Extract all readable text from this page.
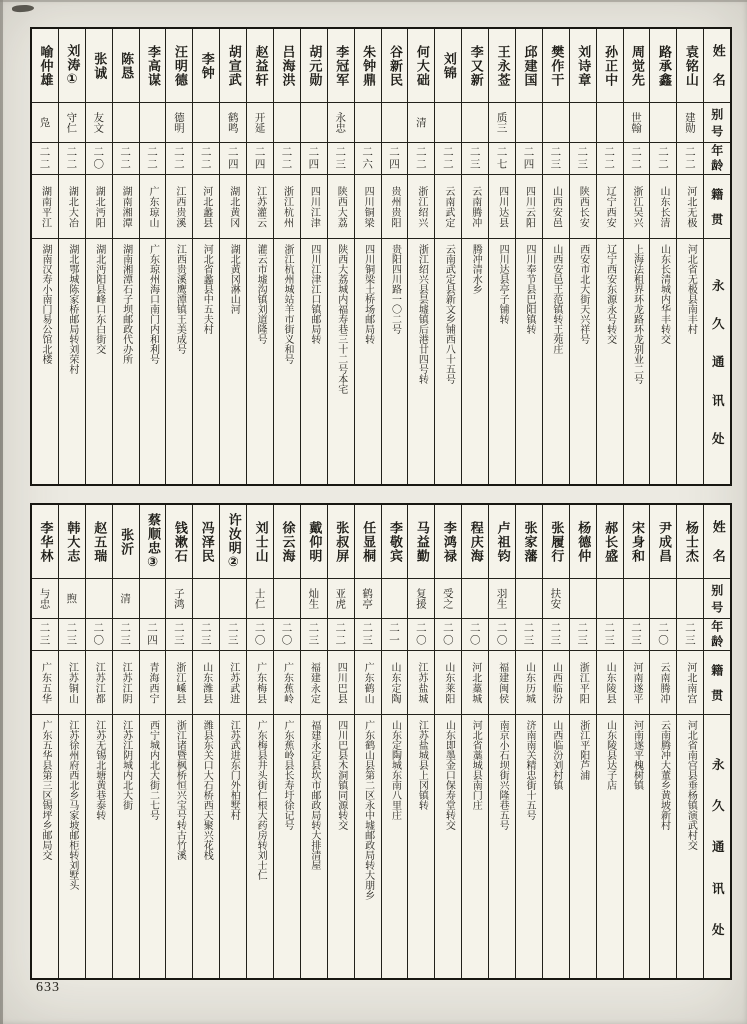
喻仲雄
凫
二二
湖南平江
湖南汉寿小南门易公馆北楼
刘涛①
守仁
二二
湖北大冶
湖北鄂城陈家桥邮局转刘荣村
张诚
友文
二〇
湖北沔阳
湖北沔阳县峰口东白街交
陈恳
二二
湖南湘潭
湖南湘潭石子坝邮政代办所
李高谋
二二
广东琼山
广东琼州海口南门内和利号
汪明德
德明
二二
江西贵溪
江西贵溪鹰潭镇王美成号
李钟
二二
河北蠡县
河北省蠡县中五夫村
胡宣武
鹤鸣
二四
湖北黄冈
湖北黄冈淋山河
赵益轩
开延
二四
江苏灌云
灌云市墟沟镇刘道隆号
吕海洪
二二
浙江杭州
浙江杭州城站羊市街义和号
胡元勋
二四
四川江津
四川江津江口镇邮局转
李冠军
永忠
二三
陕西大荔
陕西大荔城内福寿巷三十二号本宅
朱钟鼎
二六
四川铜梁
四川铜梁土桥场邮局转
谷新民
二四
贵州贵阳
贵阳四川路一〇二号
何大础
清
二二
浙江绍兴
浙江绍兴县昙墟镇后港廿四号转
刘锦
二二
云南武定
云南武定县新文乡铺西八十五号
李又新
二三
云南腾冲
腾冲清水乡
王永莶
质三
二七
四川达县
四川达县亭子铺转
邱建国
二四
四川云阳
四川奉节县巴阳镇转
樊作干
二三
山西安邑
山西安邑王范镇转王苑庄
刘诗章
二三
陕西长安
西安市北大街天兴祥号
孙正中
二二
辽宁西安
辽宁西安东源永号转交
周觉先
世翰
二二
浙江吴兴
上海法租界环龙路环龙别业二号
路承鑫
二二
山东长清
山东长清城内华丰转交
袁铭山
建勋
二二
河北无极
河北省无极县南丰村
姓
名
别
号
年
龄
籍
贯
永
久
通
讯
处
李华林
与忠
二三
广东五华
广东五华县第三区锡坪乡邮局交
韩大志
煦
二三
江苏铜山
江苏徐州府西北乡马家坡邮柜转刘墅头
赵五瑞
二〇
江苏江都
江苏无锡北塘黄巷泰转
张沂
清
二三
江苏江阴
江苏江阴城内北大街
蔡顺忠③
二四
青海西宁
西宁城内北大街二七号
钱漱石
子鸿
二三
浙江嵊县
浙江诸暨枫桥恒兴宝号转古竹溪
冯泽民
二三
山东潍县
潍县东关口大石桥西天聚兴花栈
许汝明②
二三
江苏武进
江苏武进东门外柏墅村
刘士山
士仁
二〇
广东梅县
广东梅县井头街仁根大药房转刘士仁
徐云海
二〇
广东蕉岭
广东蕉岭县长寿圩徐记号
戴仰明
灿生
二三
福建永定
福建永定县坎市邮政局转大排清屋
张叔屏
亚虎
二二
四川巴县
四川巴县木洞镇同源转交
任显桐
鹤亭
二三
广东鹤山
广东鹤山县第二区永中墟邮政局转大朋乡
李敬宾
二一
山东定陶
山东定陶城东南八里庄
马益勤
复援
二〇
江苏盐城
江苏盐城县上冈镇转
李鸿禄
受之
二〇
山东莱阳
山东即墨金口保寿堂转交
程庆海
二〇
河北藁城
河北省藁城县南门庄
卢祖钧
羽生
二〇
福建闽侯
南京小石坝街兴隆巷五号
张家藩
二三
山东历城
济南南关精忠街十五号
张履行
扶安
二三
山西临汾
山西临汾刘村镇
杨德仲
二三
浙江平阳
浙江平阳芦浦
郝长盛
二三
山东陵县
山东陵县达子店
宋身和
二三
河南遂平
河南遂平槐树镇
尹成昌
二〇
云南腾冲
云南腾冲大董乡黄坡新村
杨士杰
二三
河北南宫
河北省南宫县垂杨镇演武村交
姓
名
别
号
年
龄
籍
贯
永
久
通
讯
处
633
